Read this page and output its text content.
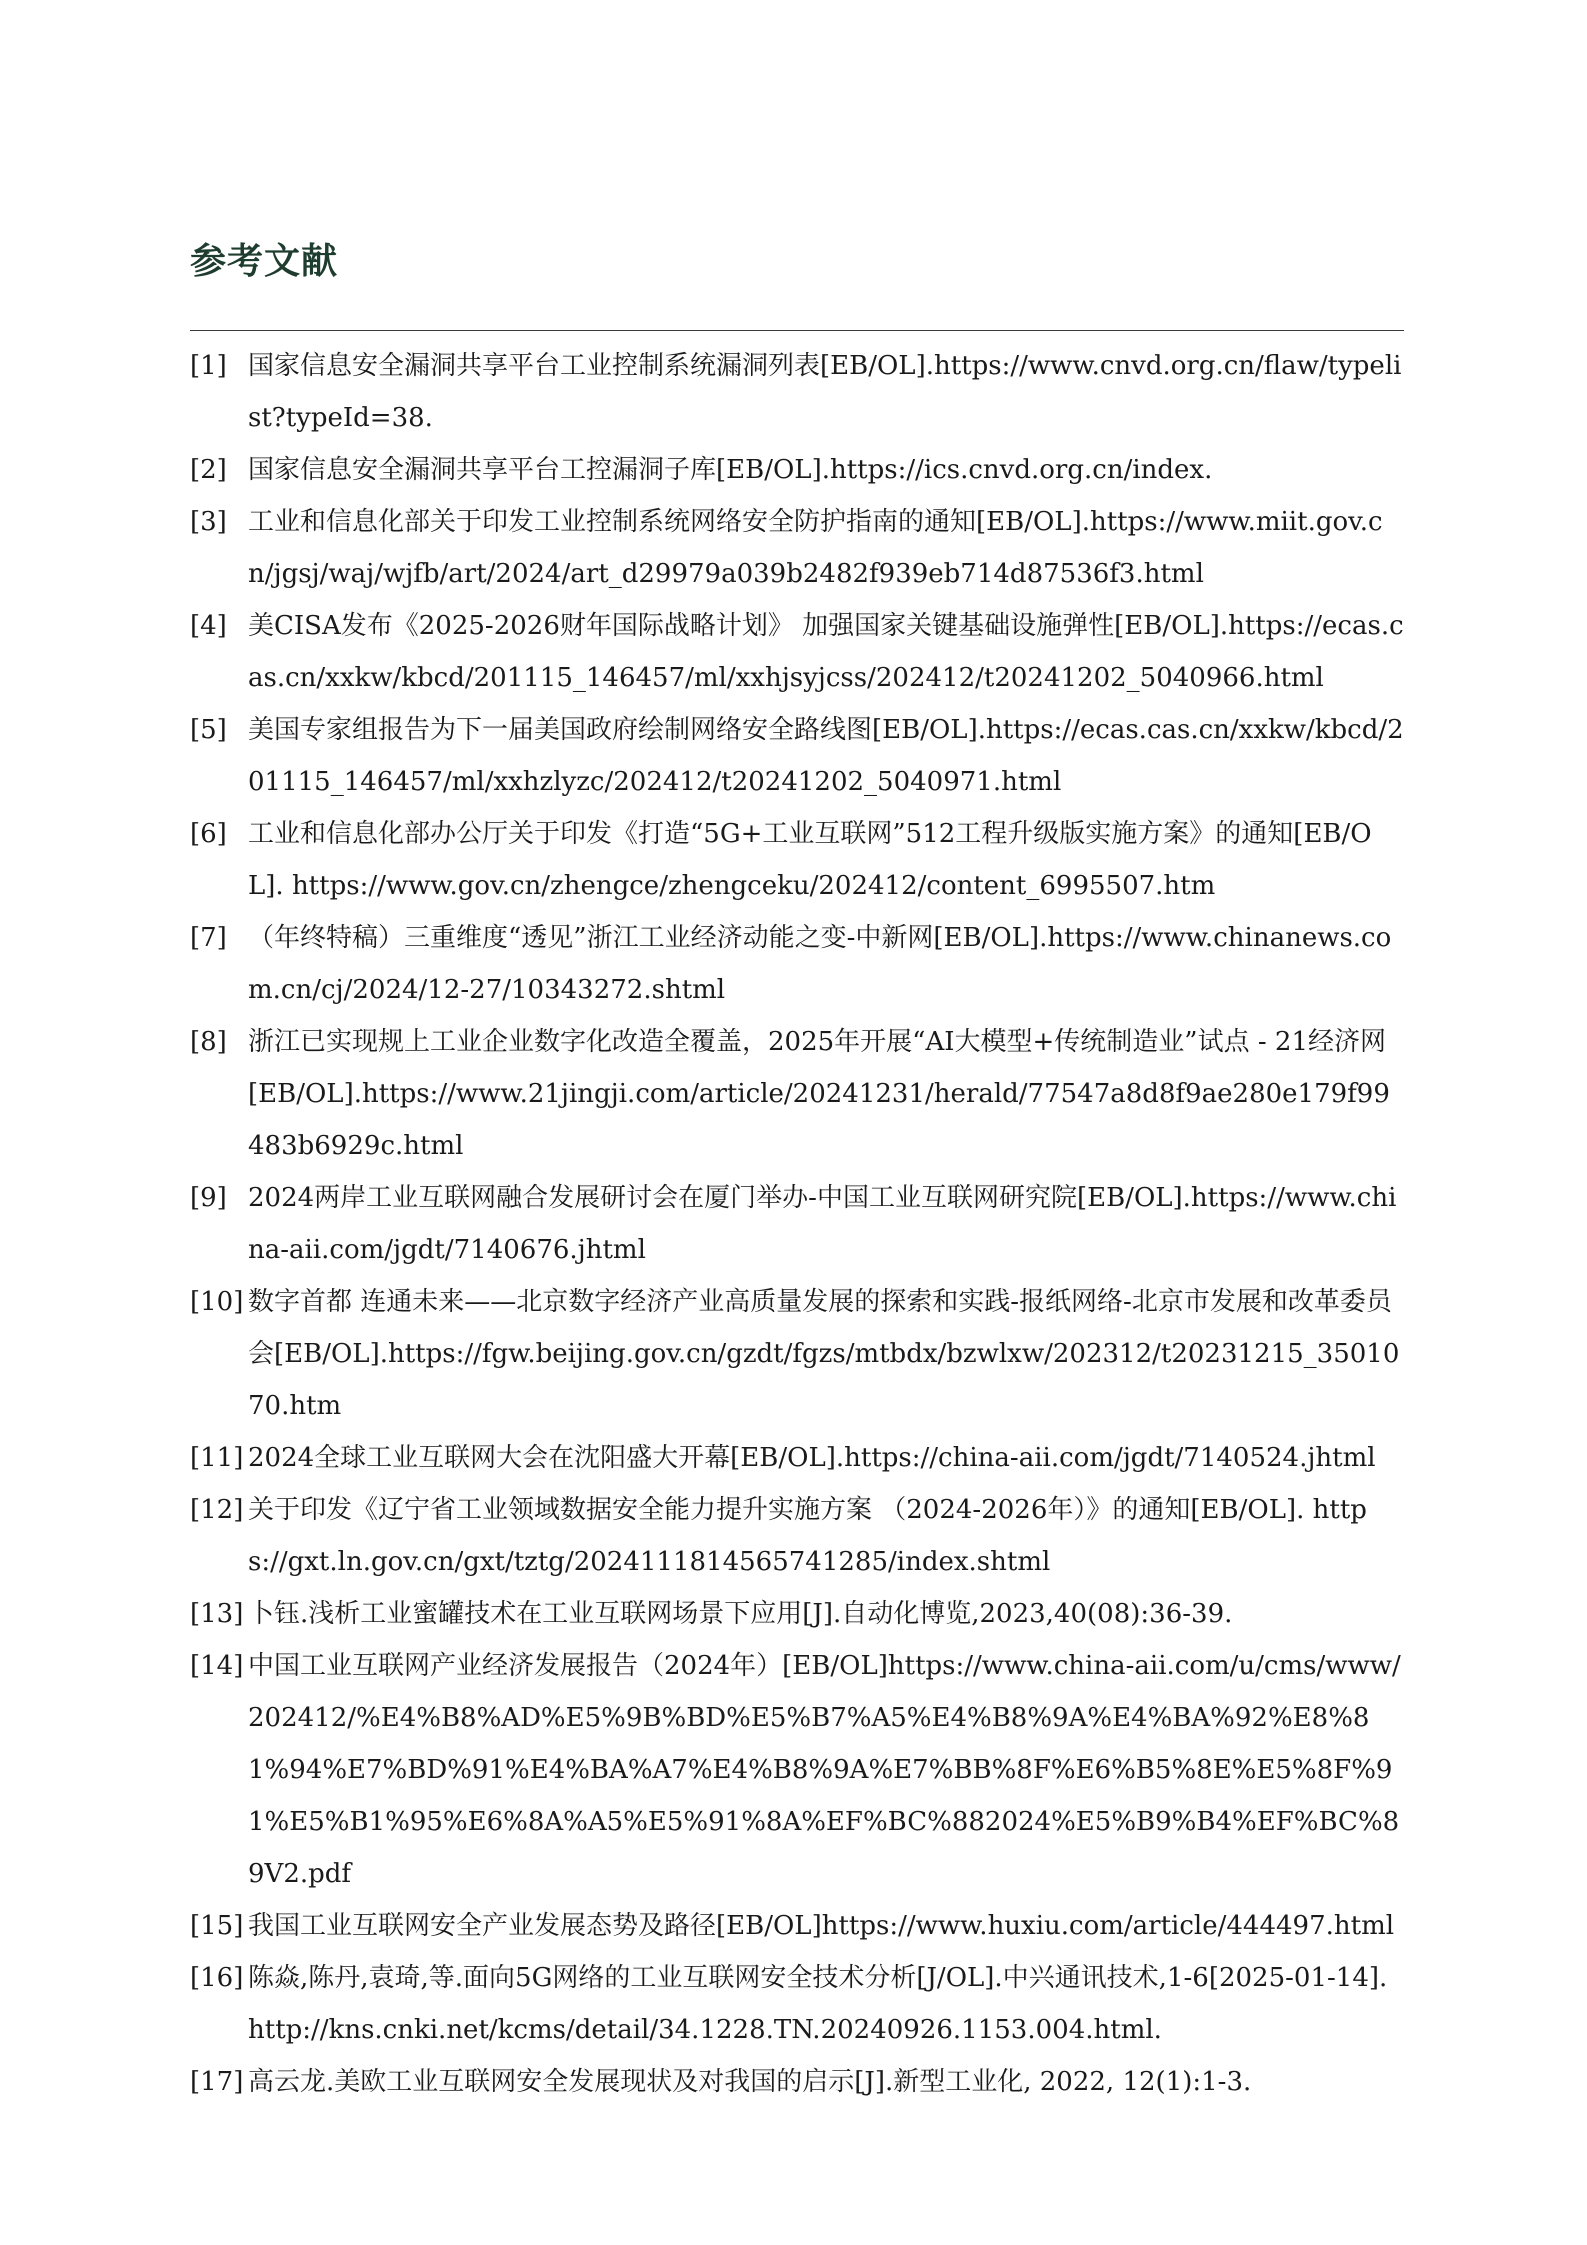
参考文献
[1] 国家信息安全漏洞共享平台工业控制系统漏洞列表[EB/OL].https://www.cnvd.org.cn/flaw/typelist?typeId=38.
[2] 国家信息安全漏洞共享平台工控漏洞子库[EB/OL].https://ics.cnvd.org.cn/index.
[3] 工业和信息化部关于印发工业控制系统网络安全防护指南的通知[EB/OL].https://www.miit.gov.cn/jgsj/waj/wjfb/art/2024/art_d29979a039b2482f939eb714d87536f3.html
[4] 美CISA发布《2025-2026财年国际战略计划》 加强国家关键基础设施弹性[EB/OL].https://ecas.cas.cn/xxkw/kbcd/201115_146457/ml/xxhjsyjcss/202412/t20241202_5040966.html
[5] 美国专家组报告为下一届美国政府绘制网络安全路线图[EB/OL].https://ecas.cas.cn/xxkw/kbcd/201115_146457/ml/xxhzlyzc/202412/t20241202_5040971.html
[6] 工业和信息化部办公厅关于印发《打造“5G+工业互联网”512工程升级版实施方案》的通知[EB/OL]. https://www.gov.cn/zhengce/zhengceku/202412/content_6995507.htm
[7] （年终特稿）三重维度“透见”浙江工业经济动能之变-中新网[EB/OL].https://www.chinanews.com.cn/cj/2024/12-27/10343272.shtml
[8] 浙江已实现规上工业企业数字化改造全覆盖，2025年开展“AI大模型+传统制造业”试点 - 21经济网[EB/OL].https://www.21jingji.com/article/20241231/herald/77547a8d8f9ae280e179f99483b6929c.html
[9] 2024两岸工业互联网融合发展研讨会在厦门举办-中国工业互联网研究院[EB/OL].https://www.china-aii.com/jgdt/7140676.jhtml
[10] 数字首都 连通未来——北京数字经济产业高质量发展的探索和实践-报纸网络-北京市发展和改革委员会[EB/OL].https://fgw.beijing.gov.cn/gzdt/fgzs/mtbdx/bzwlxw/202312/t20231215_3501070.htm
[11] 2024全球工业互联网大会在沈阳盛大开幕[EB/OL].https://china-aii.com/jgdt/7140524.jhtml
[12] 关于印发《辽宁省工业领域数据安全能力提升实施方案 （2024-2026年）》的通知[EB/OL]. https://gxt.ln.gov.cn/gxt/tztg/2024111814565741285/index.shtml
[13] 卜钰.浅析工业蜜罐技术在工业互联网场景下应用[J].自动化博览,2023,40(08):36-39.
[14] 中国工业互联网产业经济发展报告（2024年）[EB/OL]https://www.china-aii.com/u/cms/www/202412/%E4%B8%AD%E5%9B%BD%E5%B7%A5%E4%B8%9A%E4%BA%92%E8%81%94%E7%BD%91%E4%BA%A7%E4%B8%9A%E7%BB%8F%E6%B5%8E%E5%8F%91%E5%B1%95%E6%8A%A5%E5%91%8A%EF%BC%882024%E5%B9%B4%EF%BC%89V2.pdf
[15] 我国工业互联网安全产业发展态势及路径[EB/OL]https://www.huxiu.com/article/444497.html
[16] 陈焱,陈丹,袁琦,等.面向5G网络的工业互联网安全技术分析[J/OL].中兴通讯技术,1-6[2025-01-14].http://kns.cnki.net/kcms/detail/34.1228.TN.20240926.1153.004.html.
[17] 高云龙.美欧工业互联网安全发展现状及对我国的启示[J].新型工业化, 2022, 12(1):1-3.
